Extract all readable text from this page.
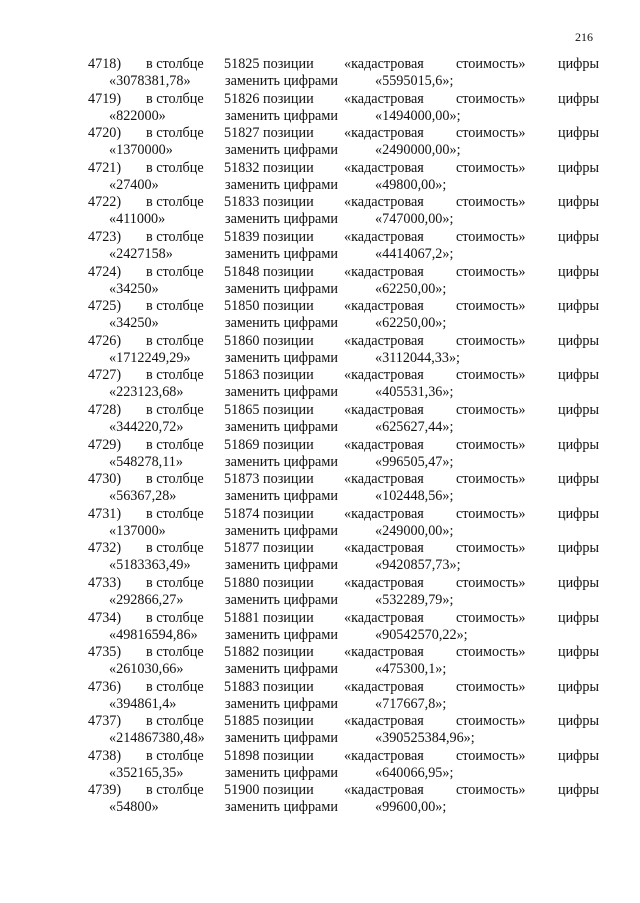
216
4718) в столбце 51825 позиции «кадастровая стоимость» цифры
«3078381,78» заменить цифрами	«5595015,6»;
4719) в столбце 51826 позиции «кадастровая стоимость» цифры
«822000»	заменить цифрами	«1494000,00»;
4720) в столбце 51827 позиции «кадастровая стоимость» цифры
«1370000»	заменить цифрами	«2490000,00»;
4721) в столбце 51832 позиции «кадастровая стоимость» цифры
«27400»	заменить цифрами	«49800,00»;
4722) в столбце 51833 позиции «кадастровая стоимость» цифры
«411000»	заменить цифрами	«747000,00»;
4723) в столбце 51839 позиции «кадастровая стоимость» цифры
«2427158»	заменить цифрами	«4414067,2»;
4724) в столбце 51848 позиции «кадастровая стоимость» цифры
«34250»	заменить цифрами	«62250,00»;
4725) в столбце 51850 позиции «кадастровая стоимость» цифры
«34250»	заменить цифрами	«62250,00»;
4726) в столбце 51860 позиции «кадастровая стоимость» цифры
«1712249,29» заменить цифрами	«3112044,33»;
4727) в столбце 51863 позиции «кадастровая стоимость» цифры
«223123,68»	заменить цифрами	«405531,36»;
4728) в столбце 51865 позиции «кадастровая стоимость» цифры
«344220,72»	заменить цифрами	«625627,44»;
4729) в столбце 51869 позиции «кадастровая стоимость» цифры
«548278,11»	заменить цифрами	«996505,47»;
4730) в столбце 51873 позиции «кадастровая стоимость» цифры
«56367,28»	заменить цифрами	«102448,56»;
4731) в столбце 51874 позиции «кадастровая стоимость» цифры
«137000»	заменить цифрами	«249000,00»;
4732) в столбце 51877 позиции «кадастровая стоимость» цифры
«5183363,49» заменить цифрами	«9420857,73»;
4733) в столбце 51880 позиции «кадастровая стоимость» цифры
«292866,27»	заменить цифрами	«532289,79»;
4734) в столбце 51881 позиции «кадастровая стоимость» цифры
«49816594,86» заменить цифрами	«90542570,22»;
4735) в столбце 51882 позиции «кадастровая стоимость» цифры
«261030,66»	заменить цифрами	«475300,1»;
4736) в столбце 51883 позиции «кадастровая стоимость» цифры
«394861,4»	заменить цифрами	«717667,8»;
4737) в столбце 51885 позиции «кадастровая стоимость» цифры
«214867380,48» заменить цифрами	«390525384,96»;
4738) в столбце 51898 позиции «кадастровая стоимость» цифры
«352165,35»	заменить цифрами	«640066,95»;
4739) в столбце 51900 позиции «кадастровая стоимость» цифры
«54800»	заменить цифрами	«99600,00»;
